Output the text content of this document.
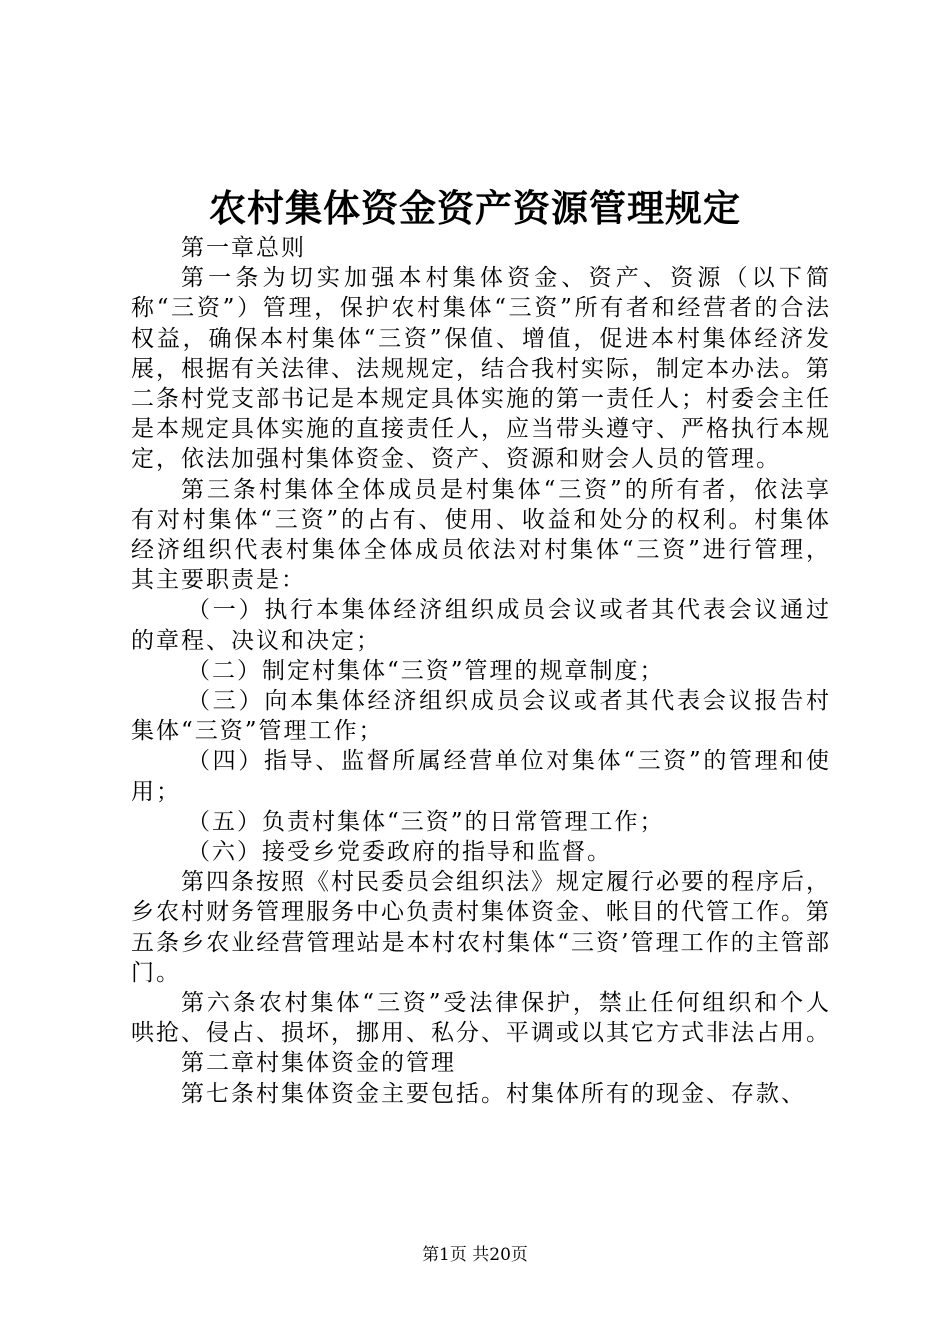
农村集体资金资产资源管理规定

第一章总则

第一条为切实加强本村集体资金、资产、资源（以下简称“三资”）管理，保护农村集体“三资”所有者和经营者的合法权益，确保本村集体“三资”保值、增值，促进本村集体经济发展，根据有关法律、法规规定，结合我村实际，制定本办法。第二条村党支部书记是本规定具体实施的第一责任人；村委会主任是本规定具体实施的直接责任人，应当带头遵守、严格执行本规定，依法加强村集体资金、资产、资源和财会人员的管理。

第三条村集体全体成员是村集体“三资”的所有者，依法享有对村集体“三资”的占有、使用、收益和处分的权利。村集体经济组织代表村集体全体成员依法对村集体“三资”进行管理，其主要职责是：

（一）执行本集体经济组织成员会议或者其代表会议通过的章程、决议和决定；

（二）制定村集体“三资”管理的规章制度；

（三）向本集体经济组织成员会议或者其代表会议报告村集体“三资”管理工作；

（四）指导、监督所属经营单位对集体“三资”的管理和使用；

（五）负责村集体“三资”的日常管理工作；

（六）接受乡党委政府的指导和监督。

第四条按照《村民委员会组织法》规定履行必要的程序后，乡农村财务管理服务中心负责村集体资金、帐目的代管工作。第五条乡农业经营管理站是本村农村集体“三资’管理工作的主管部门。

第六条农村集体“三资”受法律保护，禁止任何组织和个人哄抢、侵占、损坏，挪用、私分、平调或以其它方式非法占用。

第二章村集体资金的管理

第七条村集体资金主要包括。村集体所有的现金、存款、

第1页 共20页
